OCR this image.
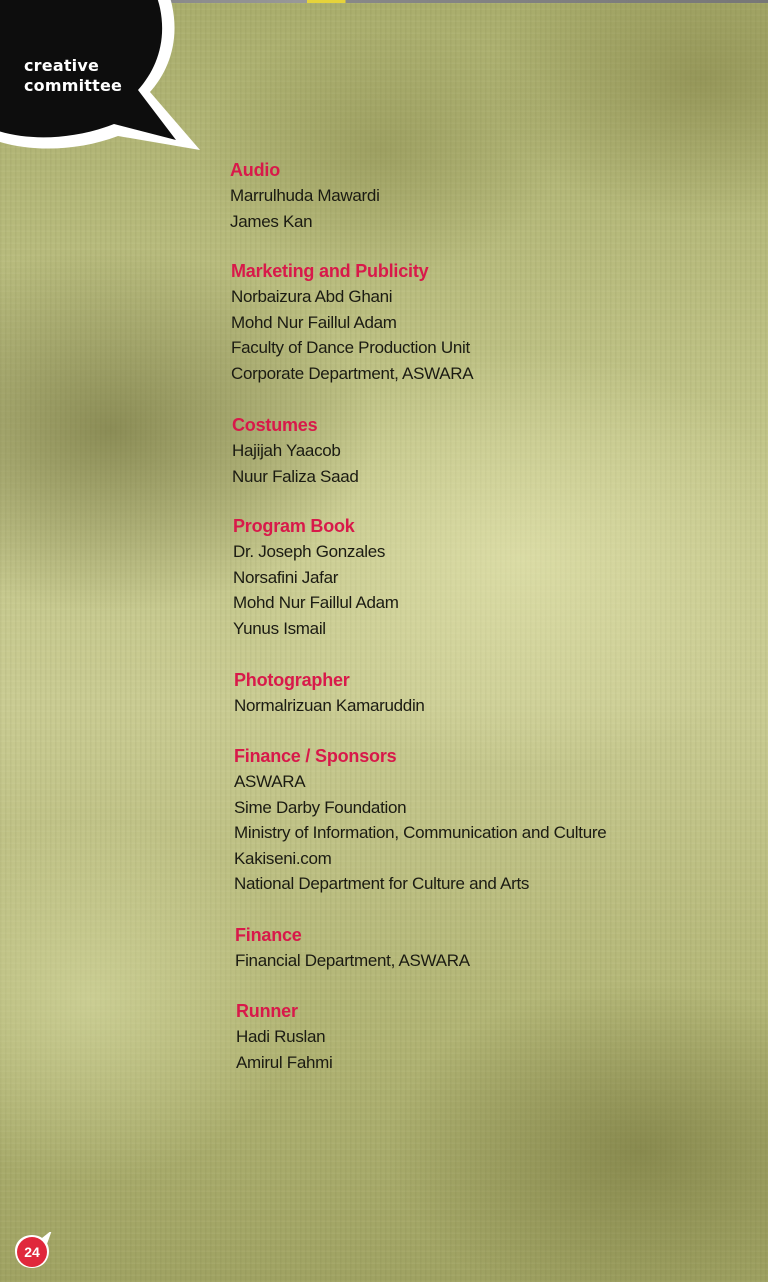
creative
committee
Audio
Marrulhuda Mawardi
James Kan
Marketing and Publicity
Norbaizura Abd Ghani
Mohd Nur Faillul Adam
Faculty of Dance Production Unit
Corporate Department, ASWARA
Costumes
Hajijah Yaacob
Nuur Faliza Saad
Program Book
Dr. Joseph Gonzales
Norsafini Jafar
Mohd Nur Faillul Adam
Yunus Ismail
Photographer
Normalrizuan Kamaruddin
Finance / Sponsors
ASWARA
Sime Darby Foundation
Ministry of Information, Communication and Culture
Kakiseni.com
National Department for Culture and Arts
Finance
Financial Department, ASWARA
Runner
Hadi Ruslan
Amirul Fahmi
24
